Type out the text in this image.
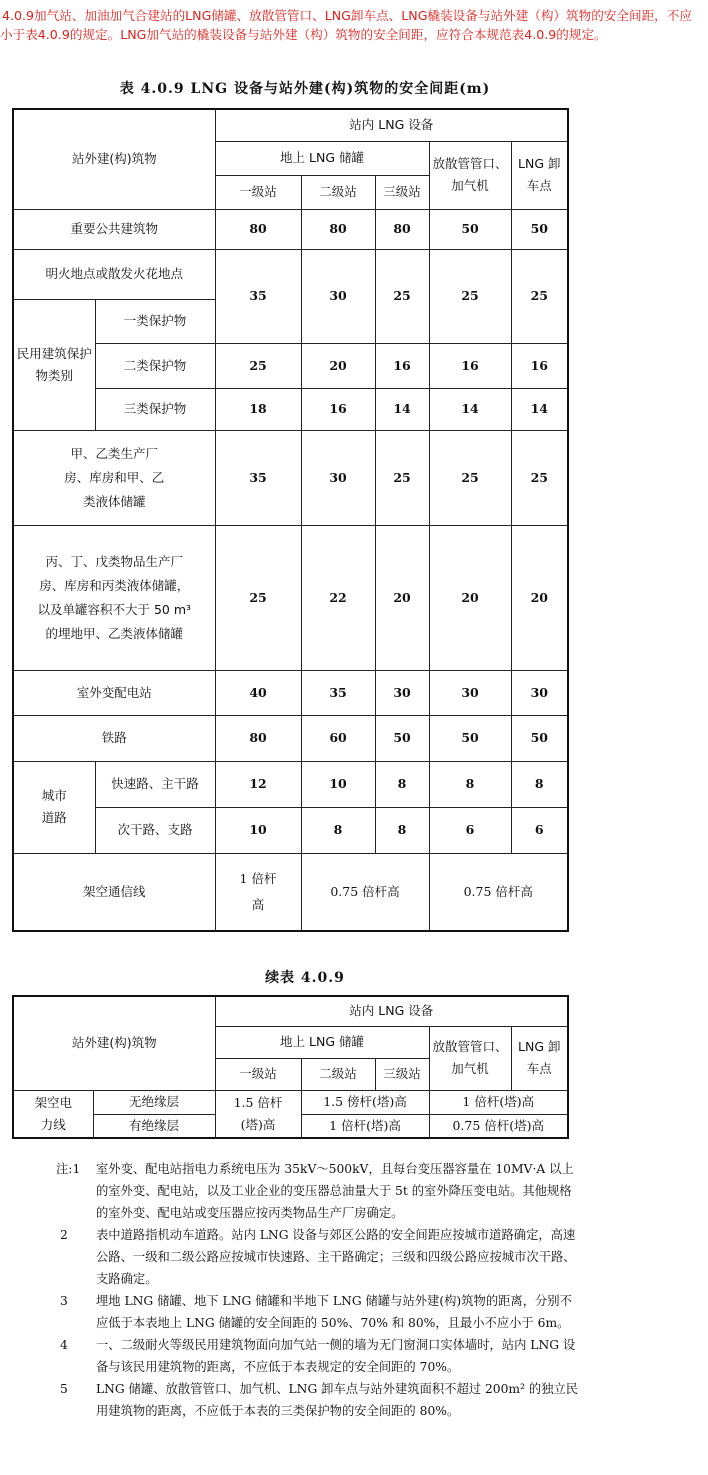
4.0.9加气站、加油加气合建站的LNG储罐、放散管管口、LNG卸车点、LNG橇装设备与站外建（构）筑物的安全间距，不应小于表4.0.9的规定。LNG加气站的橇装设备与站外建（构）筑物的安全间距，应符合本规范表4.0.9的规定。
表 4.0.9 LNG 设备与站外建(构)筑物的安全间距(m)
站外建(构)筑物		站内 LNG 设备				
		地上 LNG 储罐			放散管管口、加气机	LNG 卸车点
		一级站	二级站	三级站		
重要公共建筑物		80	80	80	50	50
明火地点或散发火花地点		35	30	25	25	25
民用建筑保护物类别	一类保护物					
	二类保护物	25	20	16	16	16
	三类保护物	18	16	14	14	14
甲、乙类生产厂房、库房和甲、乙类液体储罐		35	30	25	25	25
丙、丁、戊类物品生产厂房、库房和丙类液体储罐，以及单罐容积不大于 50 m³ 的埋地甲、乙类液体储罐		25	22	20	20	20
室外变配电站		40	35	30	30	30
铁路		80	60	50	50	50
城市道路	快速路、主干路	12	10	8	8	8
	次干路、支路	10	8	8	6	6
架空通信线		1 倍杆高	0.75 倍杆高		0.75 倍杆高	
续表 4.0.9
站外建(构)筑物		站内 LNG 设备				
		地上 LNG 储罐			放散管管口、加气机	LNG 卸车点
		一级站	二级站	三级站		
架空电力线	无绝缘层	1.5 倍杆(塔)高	1.5 傍杆(塔)高		1 倍杆(塔)高	
	有绝缘层		1 倍杆(塔)高		0.75 倍杆(塔)高	
注:1	室外变、配电站指电力系统电压为 35kV～500kV，且每台变压器容量在 10MV·A 以上的室外变、配电站，以及工业企业的变压器总油量大于 5t 的室外降压变电站。其他规格的室外变、配电站或变压器应按丙类物品生产厂房确定。
2	表中道路指机动车道路。站内 LNG 设备与郊区公路的安全间距应按城市道路确定，高速公路、一级和二级公路应按城市快速路、主干路确定；三级和四级公路应按城市次干路、支路确定。
3	埋地 LNG 储罐、地下 LNG 储罐和半地下 LNG 储罐与站外建(构)筑物的距离，分别不应低于本表地上 LNG 储罐的安全间距的 50%、70% 和 80%，且最小不应小于 6m。
4	一、二级耐火等级民用建筑物面向加气站一侧的墙为无门窗洞口实体墙时，站内 LNG 设备与该民用建筑物的距离，不应低于本表规定的安全间距的 70%。
5	LNG 储罐、放散管管口、加气机、LNG 卸车点与站外建筑面积不超过 200m² 的独立民用建筑物的距离，不应低于本表的三类保护物的安全间距的 80%。
